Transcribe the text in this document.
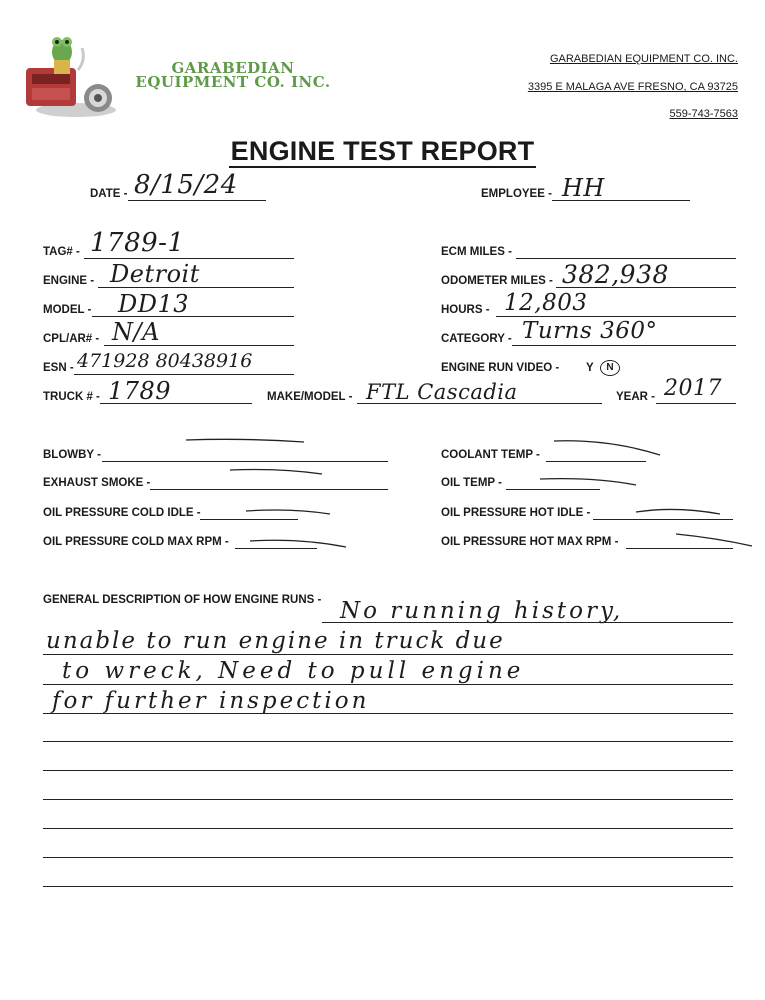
GARABEDIAN
EQUIPMENT CO. INC.
GARABEDIAN EQUIPMENT CO. INC.
3395 E MALAGA AVE FRESNO, CA 93725
559-743-7563
ENGINE TEST REPORT
DATE - 8/15/24	EMPLOYEE - HH
TAG# - 1789-1
ENGINE - Detroit
MODEL - DD13
CPL/AR# - N/A
ESN - 471928 80438916
TRUCK # - 1789	MAKE/MODEL - FTL Cascadia	YEAR - 2017
ECM MILES -
ODOMETER MILES - 382,938
HOURS - 12,803
CATEGORY - Turns 360°
ENGINE RUN VIDEO - Y	N
BLOWBY -
EXHAUST SMOKE -
OIL PRESSURE COLD IDLE -
OIL PRESSURE COLD MAX RPM -
COOLANT TEMP -
OIL TEMP -
OIL PRESSURE HOT IDLE -
OIL PRESSURE HOT MAX RPM -
GENERAL DESCRIPTION OF HOW ENGINE RUNS - No running history,
unable to run engine in truck due
to wreck, Need to pull engine
for further inspection
